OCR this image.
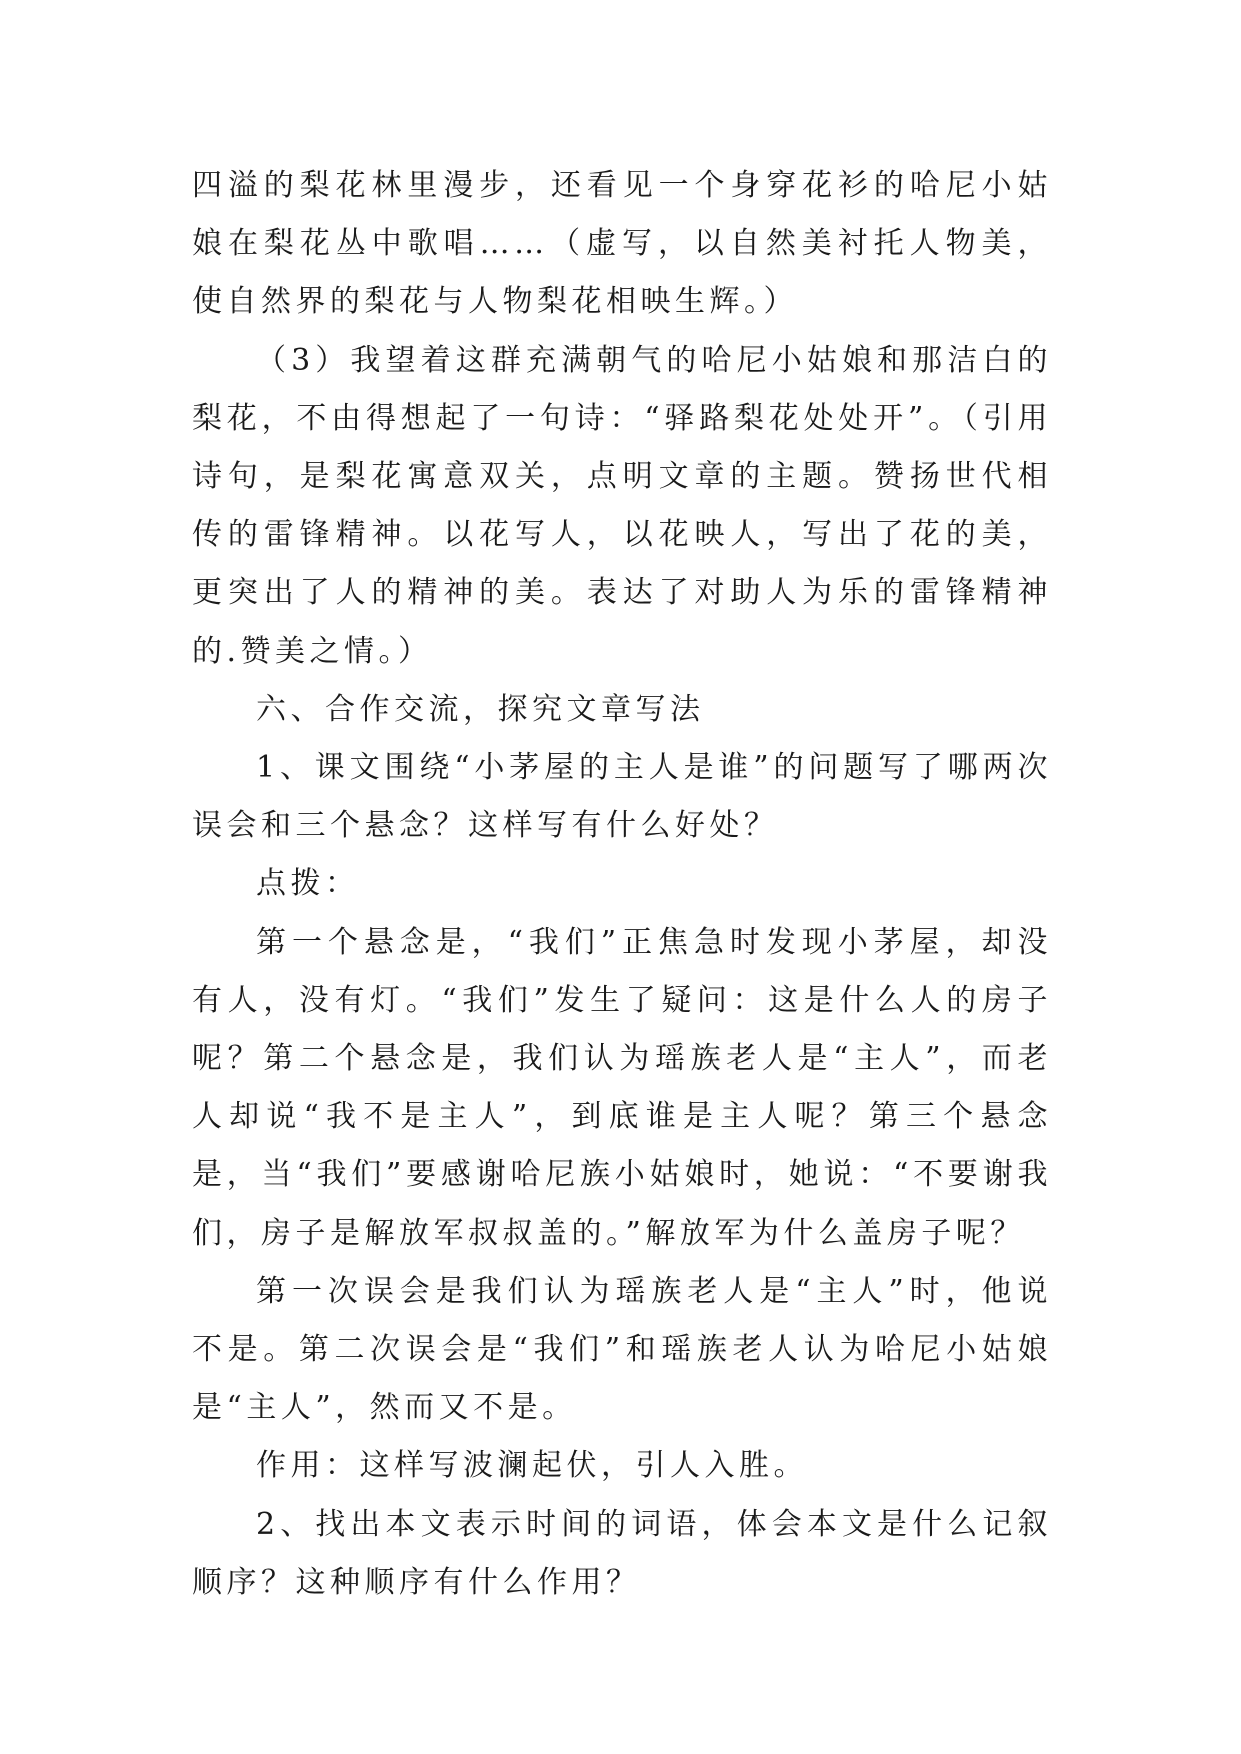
四溢的梨花林里漫步，还看见一个身穿花衫的哈尼小姑娘在梨花丛中歌唱……（虚写，以自然美衬托人物美，使自然界的梨花与人物梨花相映生辉。）

（3）我望着这群充满朝气的哈尼小姑娘和那洁白的梨花，不由得想起了一句诗：“驿路梨花处处开”。（引用诗句，是梨花寓意双关，点明文章的主题。赞扬世代相传的雷锋精神。以花写人，以花映人，写出了花的美，更突出了人的精神的美。表达了对助人为乐的雷锋精神的.赞美之情。）

六、合作交流，探究文章写法

1、课文围绕“小茅屋的主人是谁”的问题写了哪两次误会和三个悬念？这样写有什么好处？

点拨：

第一个悬念是，“我们”正焦急时发现小茅屋，却没有人，没有灯。“我们”发生了疑问：这是什么人的房子呢？第二个悬念是，我们认为瑶族老人是“主人”，而老人却说“我不是主人”，到底谁是主人呢？第三个悬念是，当“我们”要感谢哈尼族小姑娘时，她说：“不要谢我们，房子是解放军叔叔盖的。”解放军为什么盖房子呢？

第一次误会是我们认为瑶族老人是“主人”时，他说不是。第二次误会是“我们”和瑶族老人认为哈尼小姑娘是“主人”，然而又不是。

作用：这样写波澜起伏，引人入胜。

2、找出本文表示时间的词语，体会本文是什么记叙顺序？这种顺序有什么作用？
